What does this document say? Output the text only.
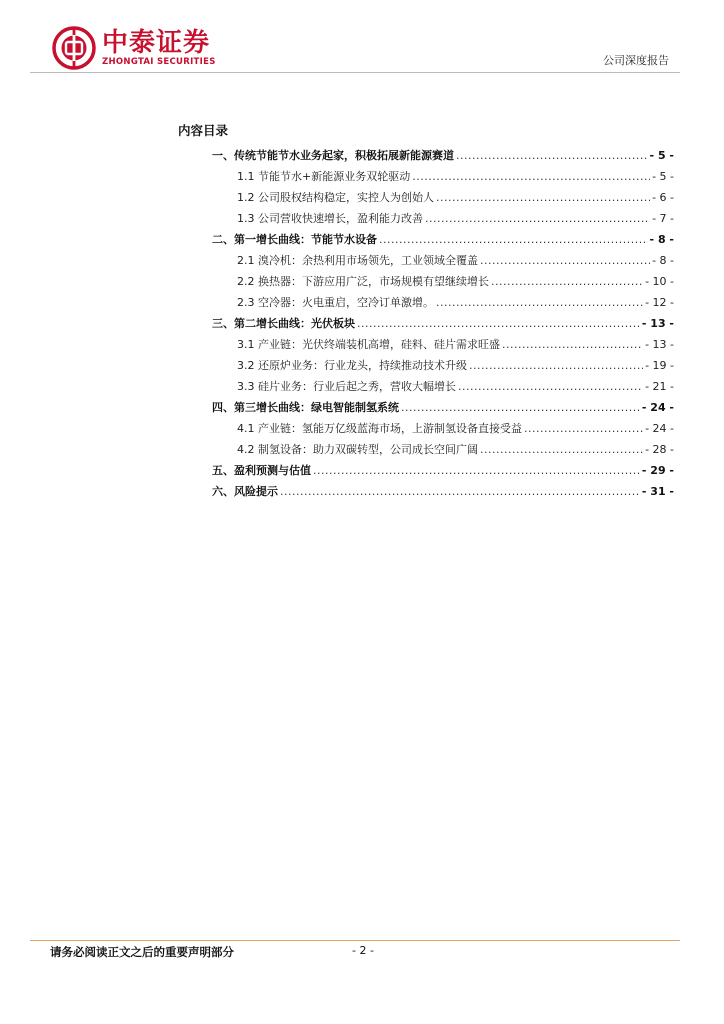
中泰证券
ZHONGTAI SECURITIES	公司深度报告
内容目录
一、传统节能节水业务起家，积极拓展新能源赛道 .....	- 5 -
1.1 节能节水+新能源业务双轮驱动 .....	- 5 -
1.2 公司股权结构稳定，实控人为创始人 .....	- 6 -
1.3 公司营收快速增长，盈利能力改善 .....	- 7 -
二、第一增长曲线：节能节水设备 .....	- 8 -
2.1 溴冷机：余热利用市场领先，工业领域全覆盖 .....	- 8 -
2.2 换热器：下游应用广泛，市场规模有望继续增长 .....	- 10 -
2.3 空冷器：火电重启，空冷订单激增。 .....	- 12 -
三、第二增长曲线：光伏板块 .....	- 13 -
3.1 产业链：光伏终端装机高增，硅料、硅片需求旺盛 .....	- 13 -
3.2 还原炉业务：行业龙头，持续推动技术升级 .....	- 19 -
3.3 硅片业务：行业后起之秀，营收大幅增长 .....	- 21 -
四、第三增长曲线：绿电智能制氢系统 .....	- 24 -
4.1 产业链：氢能万亿级蓝海市场，上游制氢设备直接受益 .....	- 24 -
4.2 制氢设备：助力双碳转型，公司成长空间广阔 .....	- 28 -
五、盈利预测与估值 .....	- 29 -
六、风险提示 .....	- 31 -
请务必阅读正文之后的重要声明部分	- 2 -
